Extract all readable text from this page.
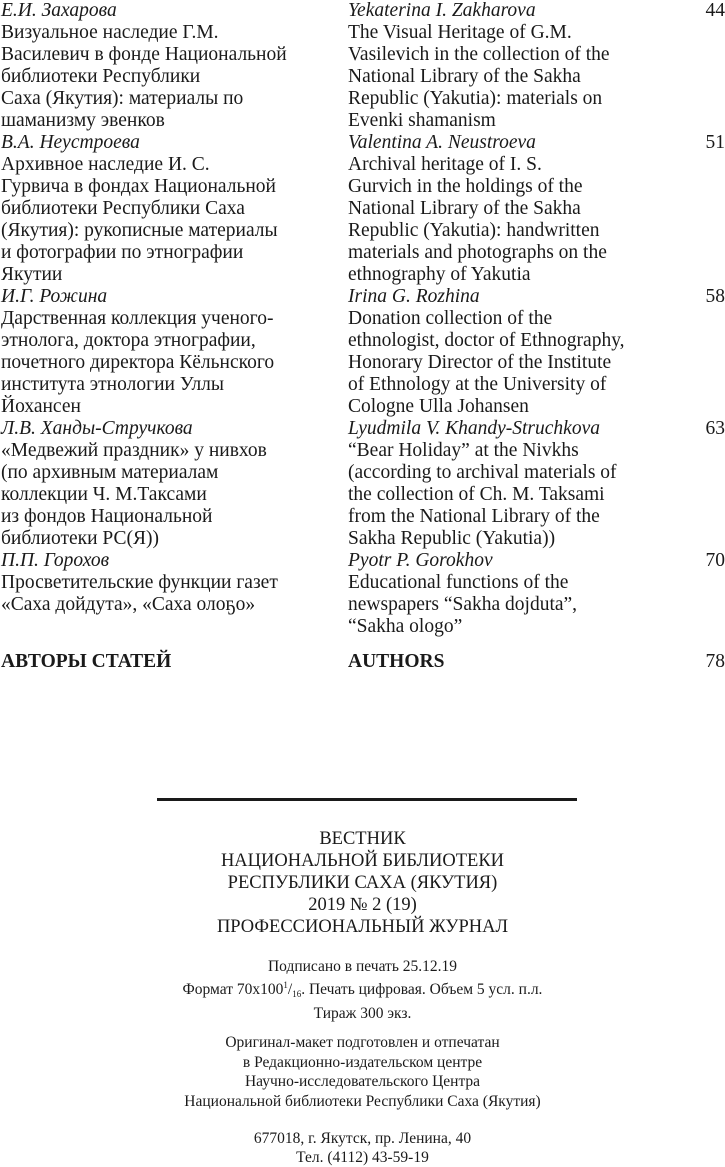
Е.И. Захарова
Визуальное наследие Г.М.
Василевич в фонде Национальной
библиотеки Республики
Саха (Якутия): материалы по
шаманизму эвенков
Yekaterina I. Zakharova
The Visual Heritage of G.M.
Vasilevich in the collection of the
National Library of the Sakha
Republic (Yakutia): materials on
Evenki shamanism
44
В.А. Неустроева
Архивное наследие И. С.
Гурвича в фондах Национальной
библиотеки Республики Саха
(Якутия): рукописные материалы
и фотографии по этнографии
Якутии
Valentina A. Neustroeva
Archival heritage of I. S.
Gurvich in the holdings of the
National Library of the Sakha
Republic (Yakutia): handwritten
materials and photographs on the
ethnography of Yakutia
51
И.Г. Рожина
Дарственная коллекция ученого-
этнолога, доктора этнографии,
почетного директора Кёльнского
института этнологии Уллы
Йохансен
Irina G. Rozhina
Donation collection of the
ethnologist, doctor of Ethnography,
Honorary Director of the Institute
of Ethnology at the University of
Cologne Ulla Johansen
58
Л.В. Ханды-Стручкова
«Медвежий праздник» у нивхов
(по архивным материалам
коллекции Ч. М.Таксами
из фондов Национальной
библиотеки РС(Я))
Lyudmila V. Khandy-Struchkova
“Bear Holiday” at the Nivkhs
(according to archival materials of
the collection of Ch. M. Taksami
from the National Library of the
Sakha Republic (Yakutia))
63
П.П. Горохов
Просветительские функции газет
«Саха дойдута», «Саха олоҕо»
Pyotr P. Gorokhov
Educational functions of the
newspapers “Sakha dojduta”,
“Sakha ologo”
70
АВТОРЫ СТАТЕЙ	AUTHORS	78
ВЕСТНИК
НАЦИОНАЛЬНОЙ БИБЛИОТЕКИ
РЕСПУБЛИКИ САХА (ЯКУТИЯ)
2019 № 2 (19)
ПРОФЕССИОНАЛЬНЫЙ ЖУРНАЛ
Подписано в печать 25.12.19
Формат $70х100^1/16$. Печать цифровая. Объем 5 усл. п.л.
Тираж 300 экз.
Оригинал-макет подготовлен и отпечатан
в Редакционно-издательском центре
Научно-исследовательского Центра
Национальной библиотеки Республики Саха (Якутия)
677018, г. Якутск, пр. Ленина, 40
Тел. (4112) 43-59-19
